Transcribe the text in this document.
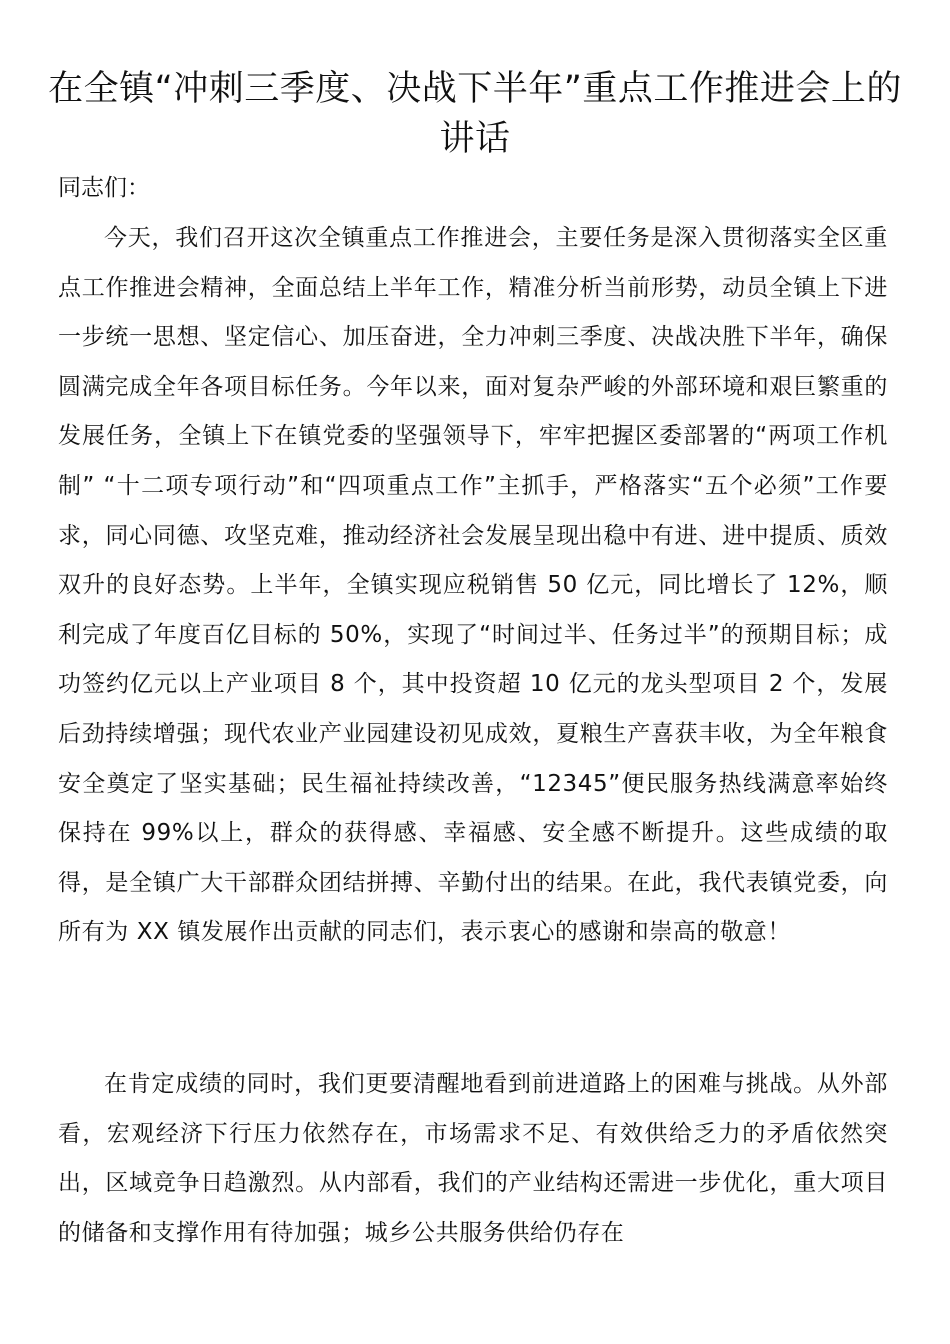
在全镇“冲刺三季度、决战下半年”重点工作推进会上的讲话

同志们：

今天，我们召开这次全镇重点工作推进会，主要任务是深入贯彻落实全区重点工作推进会精神，全面总结上半年工作，精准分析当前形势，动员全镇上下进一步统一思想、坚定信心、加压奋进，全力冲刺三季度、决战决胜下半年，确保圆满完成全年各项目标任务。今年以来，面对复杂严峻的外部环境和艰巨繁重的发展任务，全镇上下在镇党委的坚强领导下，牢牢把握区委部署的“两项工作机制” “十二项专项行动”和“四项重点工作”主抓手，严格落实“五个必须”工作要求，同心同德、攻坚克难，推动经济社会发展呈现出稳中有进、进中提质、质效双升的良好态势。上半年，全镇实现应税销售 50 亿元，同比增长了 12%，顺利完成了年度百亿目标的 50%，实现了“时间过半、任务过半”的预期目标；成功签约亿元以上产业项目 8 个，其中投资超 10 亿元的龙头型项目 2 个，发展后劲持续增强；现代农业产业园建设初见成效，夏粮生产喜获丰收，为全年粮食安全奠定了坚实基础；民生福祉持续改善，“12345”便民服务热线满意率始终保持在 99%以上，群众的获得感、幸福感、安全感不断提升。这些成绩的取得，是全镇广大干部群众团结拼搏、辛勤付出的结果。在此，我代表镇党委，向所有为 XX 镇发展作出贡献的同志们，表示衷心的感谢和崇高的敬意！

在肯定成绩的同时，我们更要清醒地看到前进道路上的困难与挑战。从外部看，宏观经济下行压力依然存在，市场需求不足、有效供给乏力的矛盾依然突出，区域竞争日趋激烈。从内部看，我们的产业结构还需进一步优化，重大项目的储备和支撑作用有待加强；城乡公共服务供给仍存在
